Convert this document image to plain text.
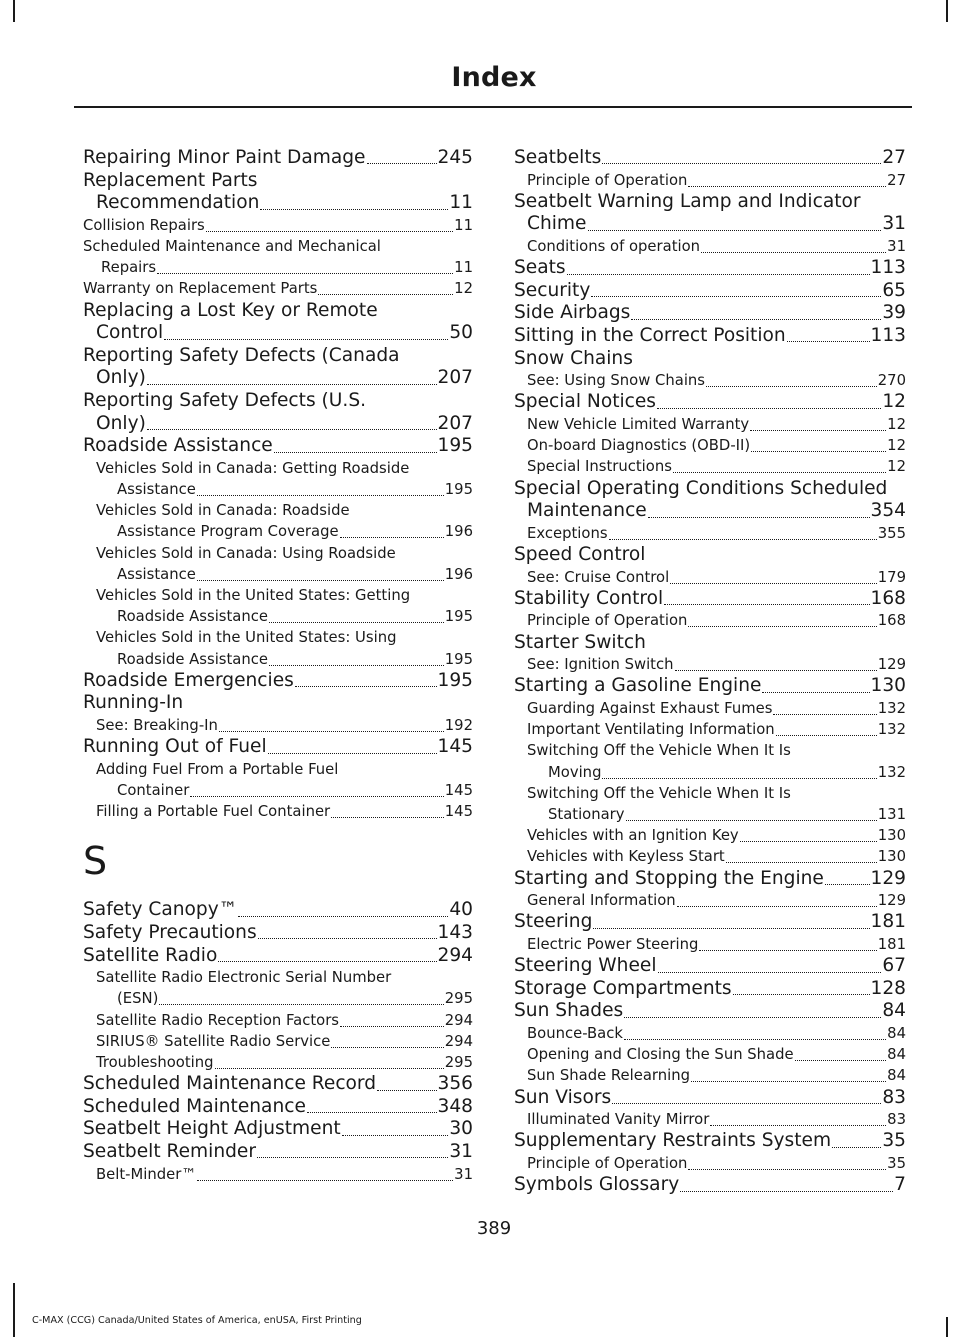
Index
Repairing Minor Paint Damage	245
Replacement Parts
Recommendation	11
Collision Repairs	11
Scheduled Maintenance and Mechanical
Repairs	11
Warranty on Replacement Parts	12
Replacing a Lost Key or Remote
Control	50
Reporting Safety Defects (Canada
Only)	207
Reporting Safety Defects (U.S.
Only)	207
Roadside Assistance	195
Vehicles Sold in Canada: Getting Roadside
Assistance	195
Vehicles Sold in Canada: Roadside
Assistance Program Coverage	196
Vehicles Sold in Canada: Using Roadside
Assistance	196
Vehicles Sold in the United States: Getting
Roadside Assistance	195
Vehicles Sold in the United States: Using
Roadside Assistance	195
Roadside Emergencies	195
Running-In
See: Breaking-In	192
Running Out of Fuel	145
Adding Fuel From a Portable Fuel
Container	145
Filling a Portable Fuel Container	145
S
Safety Canopy™	40
Safety Precautions	143
Satellite Radio	294
Satellite Radio Electronic Serial Number
(ESN)	295
Satellite Radio Reception Factors	294
SIRIUS® Satellite Radio Service	294
Troubleshooting	295
Scheduled Maintenance Record	356
Scheduled Maintenance	348
Seatbelt Height Adjustment	30
Seatbelt Reminder	31
Belt-Minder™	31
Seatbelts	27
Principle of Operation	27
Seatbelt Warning Lamp and Indicator
Chime	31
Conditions of operation	31
Seats	113
Security	65
Side Airbags	39
Sitting in the Correct Position	113
Snow Chains
See: Using Snow Chains	270
Special Notices	12
New Vehicle Limited Warranty	12
On-board Diagnostics (OBD-II)	12
Special Instructions	12
Special Operating Conditions Scheduled
Maintenance	354
Exceptions	355
Speed Control
See: Cruise Control	179
Stability Control	168
Principle of Operation	168
Starter Switch
See: Ignition Switch	129
Starting a Gasoline Engine	130
Guarding Against Exhaust Fumes	132
Important Ventilating Information	132
Switching Off the Vehicle When It Is
Moving	132
Switching Off the Vehicle When It Is
Stationary	131
Vehicles with an Ignition Key	130
Vehicles with Keyless Start	130
Starting and Stopping the Engine	129
General Information	129
Steering	181
Electric Power Steering	181
Steering Wheel	67
Storage Compartments	128
Sun Shades	84
Bounce-Back	84
Opening and Closing the Sun Shade	84
Sun Shade Relearning	84
Sun Visors	83
Illuminated Vanity Mirror	83
Supplementary Restraints System	35
Principle of Operation	35
Symbols Glossary	7
389
C-MAX (CCG) Canada/United States of America, enUSA, First Printing
